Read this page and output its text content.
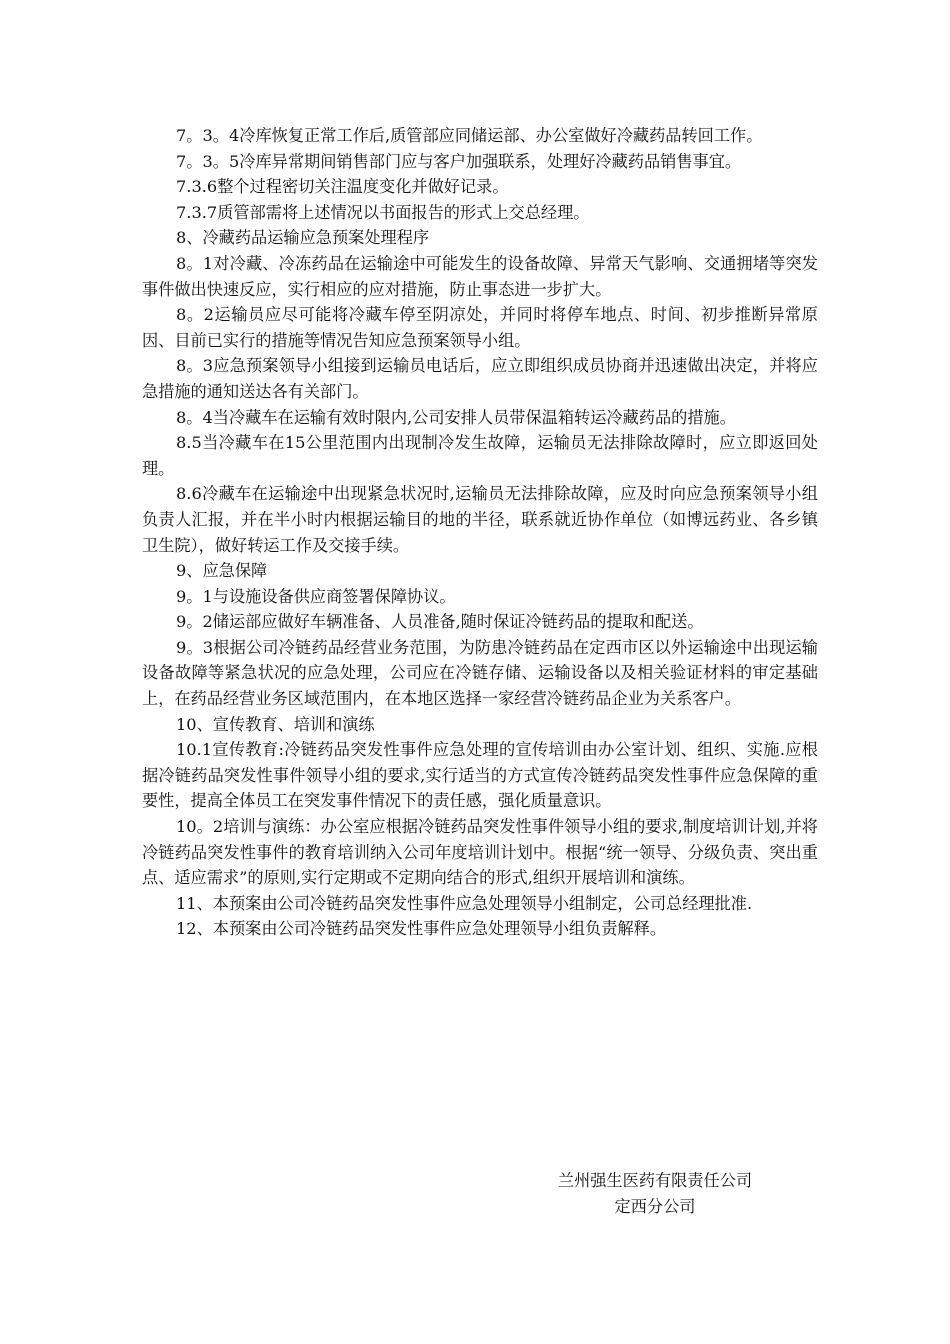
7。3。4冷库恢复正常工作后,质管部应同储运部、办公室做好冷藏药品转回工作。

7。3。5冷库异常期间销售部门应与客户加强联系，处理好冷藏药品销售事宜。

7.3.6整个过程密切关注温度变化并做好记录。

7.3.7质管部需将上述情况以书面报告的形式上交总经理。

8、冷藏药品运输应急预案处理程序

8。1对冷藏、冷冻药品在运输途中可能发生的设备故障、异常天气影响、交通拥堵等突发事件做出快速反应，实行相应的应对措施，防止事态进一步扩大。

8。2运输员应尽可能将冷藏车停至阴凉处，并同时将停车地点、时间、初步推断异常原因、目前已实行的措施等情况告知应急预案领导小组。

8。3应急预案领导小组接到运输员电话后，应立即组织成员协商并迅速做出决定，并将应急措施的通知送达各有关部门。

8。4当冷藏车在运输有效时限内,公司安排人员带保温箱转运冷藏药品的措施。

8.5当冷藏车在15公里范围内出现制冷发生故障，运输员无法排除故障时，应立即返回处理。

8.6冷藏车在运输途中出现紧急状况时,运输员无法排除故障，应及时向应急预案领导小组负责人汇报，并在半小时内根据运输目的地的半径，联系就近协作单位（如博远药业、各乡镇卫生院），做好转运工作及交接手续。

9、应急保障

9。1与设施设备供应商签署保障协议。

9。2储运部应做好车辆准备、人员准备,随时保证冷链药品的提取和配送。

9。3根据公司冷链药品经营业务范围，为防患冷链药品在定西市区以外运输途中出现运输设备故障等紧急状况的应急处理，公司应在冷链存储、运输设备以及相关验证材料的审定基础上，在药品经营业务区域范围内，在本地区选择一家经营冷链药品企业为关系客户。

10、宣传教育、培训和演练

10.1宣传教育:冷链药品突发性事件应急处理的宣传培训由办公室计划、组织、实施.应根据冷链药品突发性事件领导小组的要求,实行适当的方式宣传冷链药品突发性事件应急保障的重要性，提高全体员工在突发事件情况下的责任感，强化质量意识。

10。2培训与演练：办公室应根据冷链药品突发性事件领导小组的要求,制度培训计划,并将冷链药品突发性事件的教育培训纳入公司年度培训计划中。根据“统一领导、分级负责、突出重点、适应需求”的原则,实行定期或不定期向结合的形式,组织开展培训和演练。

11、本预案由公司冷链药品突发性事件应急处理领导小组制定，公司总经理批准.

12、本预案由公司冷链药品突发性事件应急处理领导小组负责解释。

兰州强生医药有限责任公司
定西分公司
